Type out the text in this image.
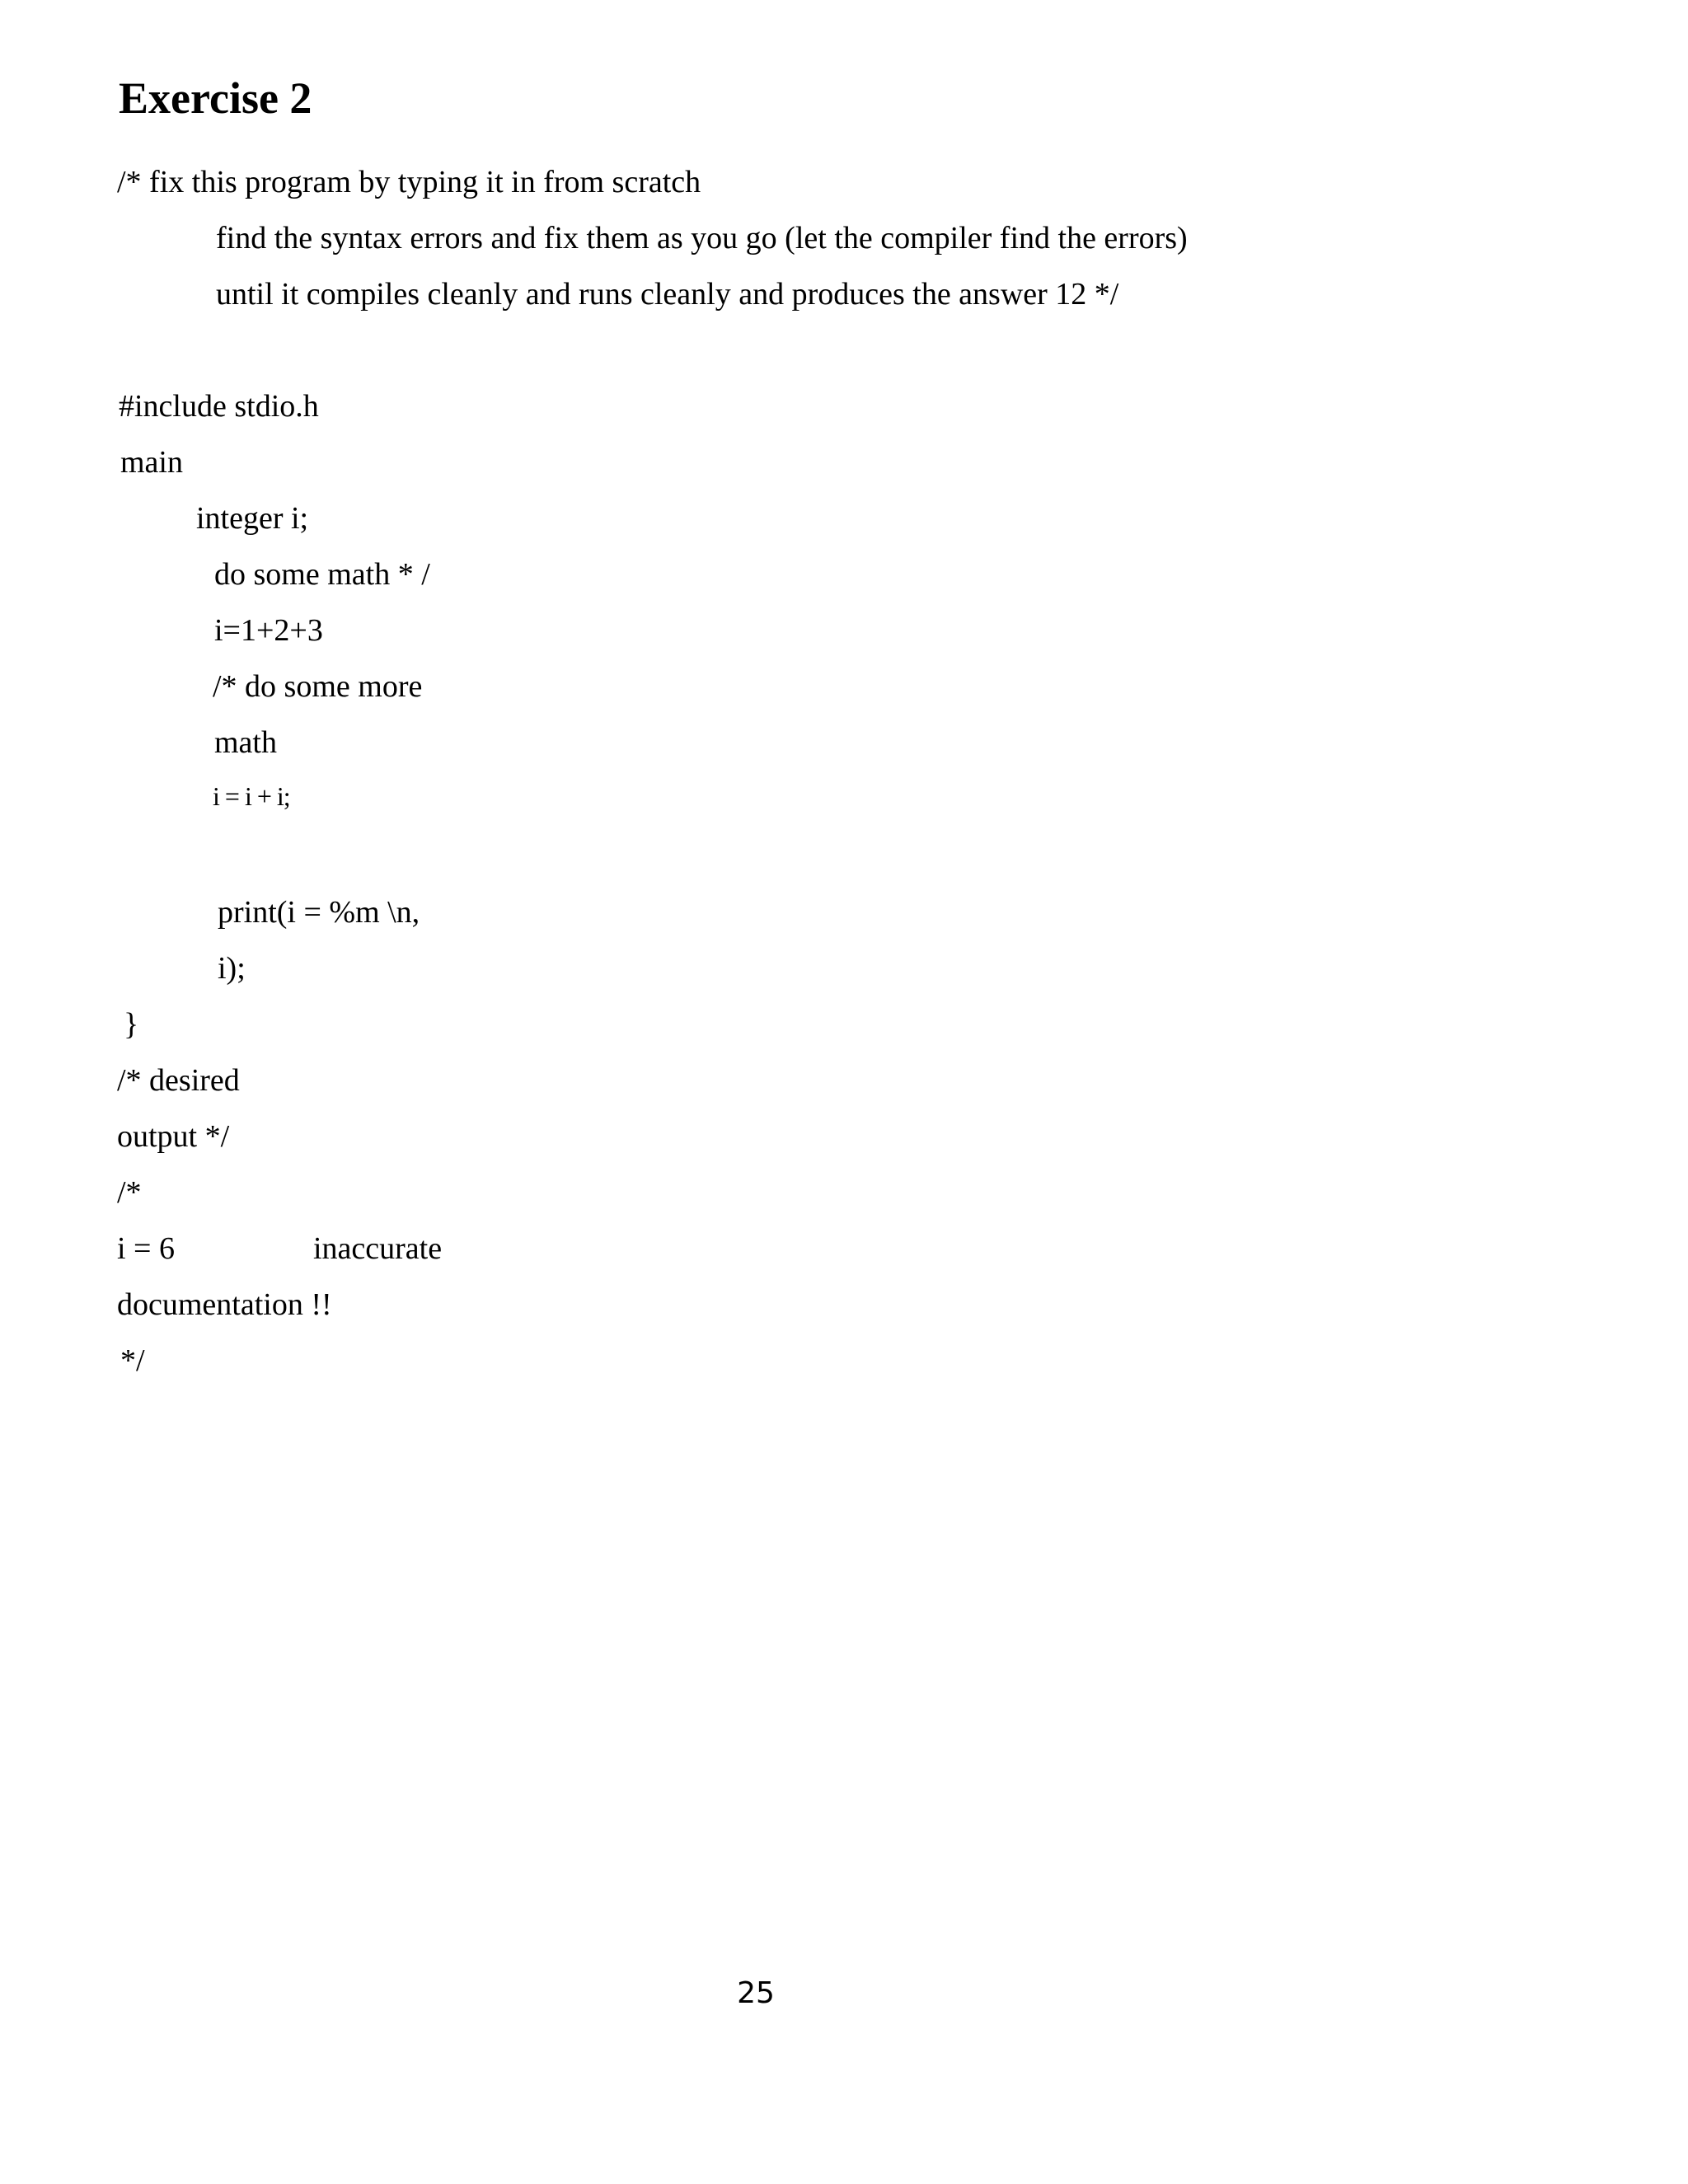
Exercise 2
/* fix this program by typing it in from scratch
find the syntax errors and fix them as you go (let the compiler find the errors)
until it compiles cleanly and runs cleanly and produces the answer 12 */
#include stdio.h
main
integer i;
do some math * /
i=1+2+3
/* do some more
math
i = i + i;
print(i = %m \n,
i);
}
/* desired
output */
/*
i = 6	inaccurate
documentation !!
*/
25
